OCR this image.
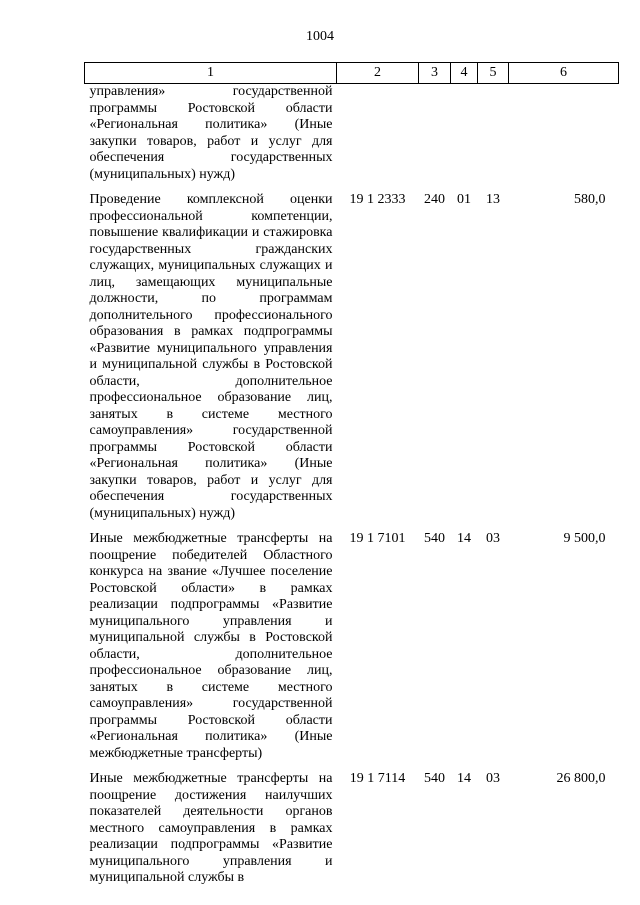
1004
1	2	3	4	5	6
управления» государственной программы Ростовской области «Региональная политика» (Иные закупки товаров, работ и услуг для обеспечения государственных (муниципальных) нужд)					

Проведение комплексной оценки профессиональной компетенции, повышение квалификации и стажировка государственных гражданских служащих, муниципальных служащих и лиц, замещающих муниципальные должности, по программам дополнительного профессионального образования в рамках подпрограммы «Развитие муниципального управления и муниципальной службы в Ростовской области, дополнительное профессиональное образование лиц, занятых в системе местного самоуправления» государственной программы Ростовской области «Региональная политика» (Иные закупки товаров, работ и услуг для обеспечения государственных (муниципальных) нужд)	19 1 2333	240	01	13	580,0

Иные межбюджетные трансферты на поощрение победителей Областного конкурса на звание «Лучшее поселение Ростовской области» в рамках реализации подпрограммы «Развитие муниципального управления и муниципальной службы в Ростовской области, дополнительное профессиональное образование лиц, занятых в системе местного самоуправления» государственной программы Ростовской области «Региональная политика» (Иные межбюджетные трансферты)	19 1 7101	540	14	03	9 500,0

Иные межбюджетные трансферты на поощрение достижения наилучших показателей деятельности органов местного самоуправления в рамках реализации подпрограммы «Развитие муниципального управления и муниципальной службы в	19 1 7114	540	14	03	26 800,0
